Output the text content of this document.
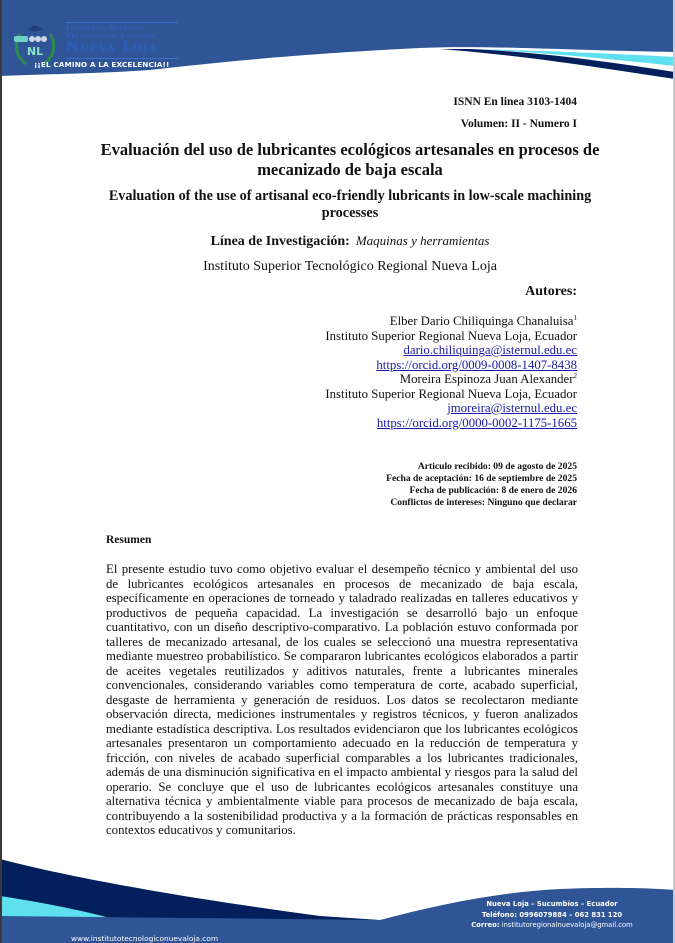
NL
Instituto Superior
Tecnologico Regional
Nueva Loja
¡¡EL CAMINO A LA EXCELENCIA!!
ISNN En linea 3103-1404
Volumen: II - Numero I
Evaluación del uso de lubricantes ecológicos artesanales en procesos de mecanizado de baja escala
Evaluation of the use of artisanal eco-friendly lubricants in low-scale machining processes
Línea de Investigación: Maquinas y herramientas
Instituto Superior Tecnológico Regional Nueva Loja
Autores:
Elber Dario Chiliquinga Chanaluisa$^1$
Instituto Superior Regional Nueva Loja, Ecuador
dario.chiliquinga@isternul.edu.ec
https://orcid.org/0009-0008-1407-8438
Moreira Espinoza Juan Alexander$^2$
Instituto Superior Regional Nueva Loja, Ecuador
jmoreira@isternul.edu.ec
https://orcid.org/0000-0002-1175-1665
Articulo recibido: 09 de agosto de 2025
Fecha de aceptación: 16 de septiembre de 2025
Fecha de publicación: 8 de enero de 2026
Conflictos de intereses: Ninguno que declarar
Resumen
El presente estudio tuvo como objetivo evaluar el desempeño técnico y ambiental del uso de lubricantes ecológicos artesanales en procesos de mecanizado de baja escala, específicamente en operaciones de torneado y taladrado realizadas en talleres educativos y productivos de pequeña capacidad. La investigación se desarrolló bajo un enfoque cuantitativo, con un diseño descriptivo-comparativo. La población estuvo conformada por talleres de mecanizado artesanal, de los cuales se seleccionó una muestra representativa mediante muestreo probabilístico. Se compararon lubricantes ecológicos elaborados a partir de aceites vegetales reutilizados y aditivos naturales, frente a lubricantes minerales convencionales, considerando variables como temperatura de corte, acabado superficial, desgaste de herramienta y generación de residuos. Los datos se recolectaron mediante observación directa, mediciones instrumentales y registros técnicos, y fueron analizados mediante estadística descriptiva. Los resultados evidenciaron que los lubricantes ecológicos artesanales presentaron un comportamiento adecuado en la reducción de temperatura y fricción, con niveles de acabado superficial comparables a los lubricantes tradicionales, además de una disminución significativa en el impacto ambiental y riesgos para la salud del operario. Se concluye que el uso de lubricantes ecológicos artesanales constituye una alternativa técnica y ambientalmente viable para procesos de mecanizado de baja escala, contribuyendo a la sostenibilidad productiva y a la formación de prácticas responsables en contextos educativos y comunitarios.
Nueva Loja – Sucumbíos – Ecuador
Teléfono: 0996079884 – 062 831 120
Correo: institutoregionalnuevaloja@gmail.com
www.institutotecnologiconuevaloja.com
